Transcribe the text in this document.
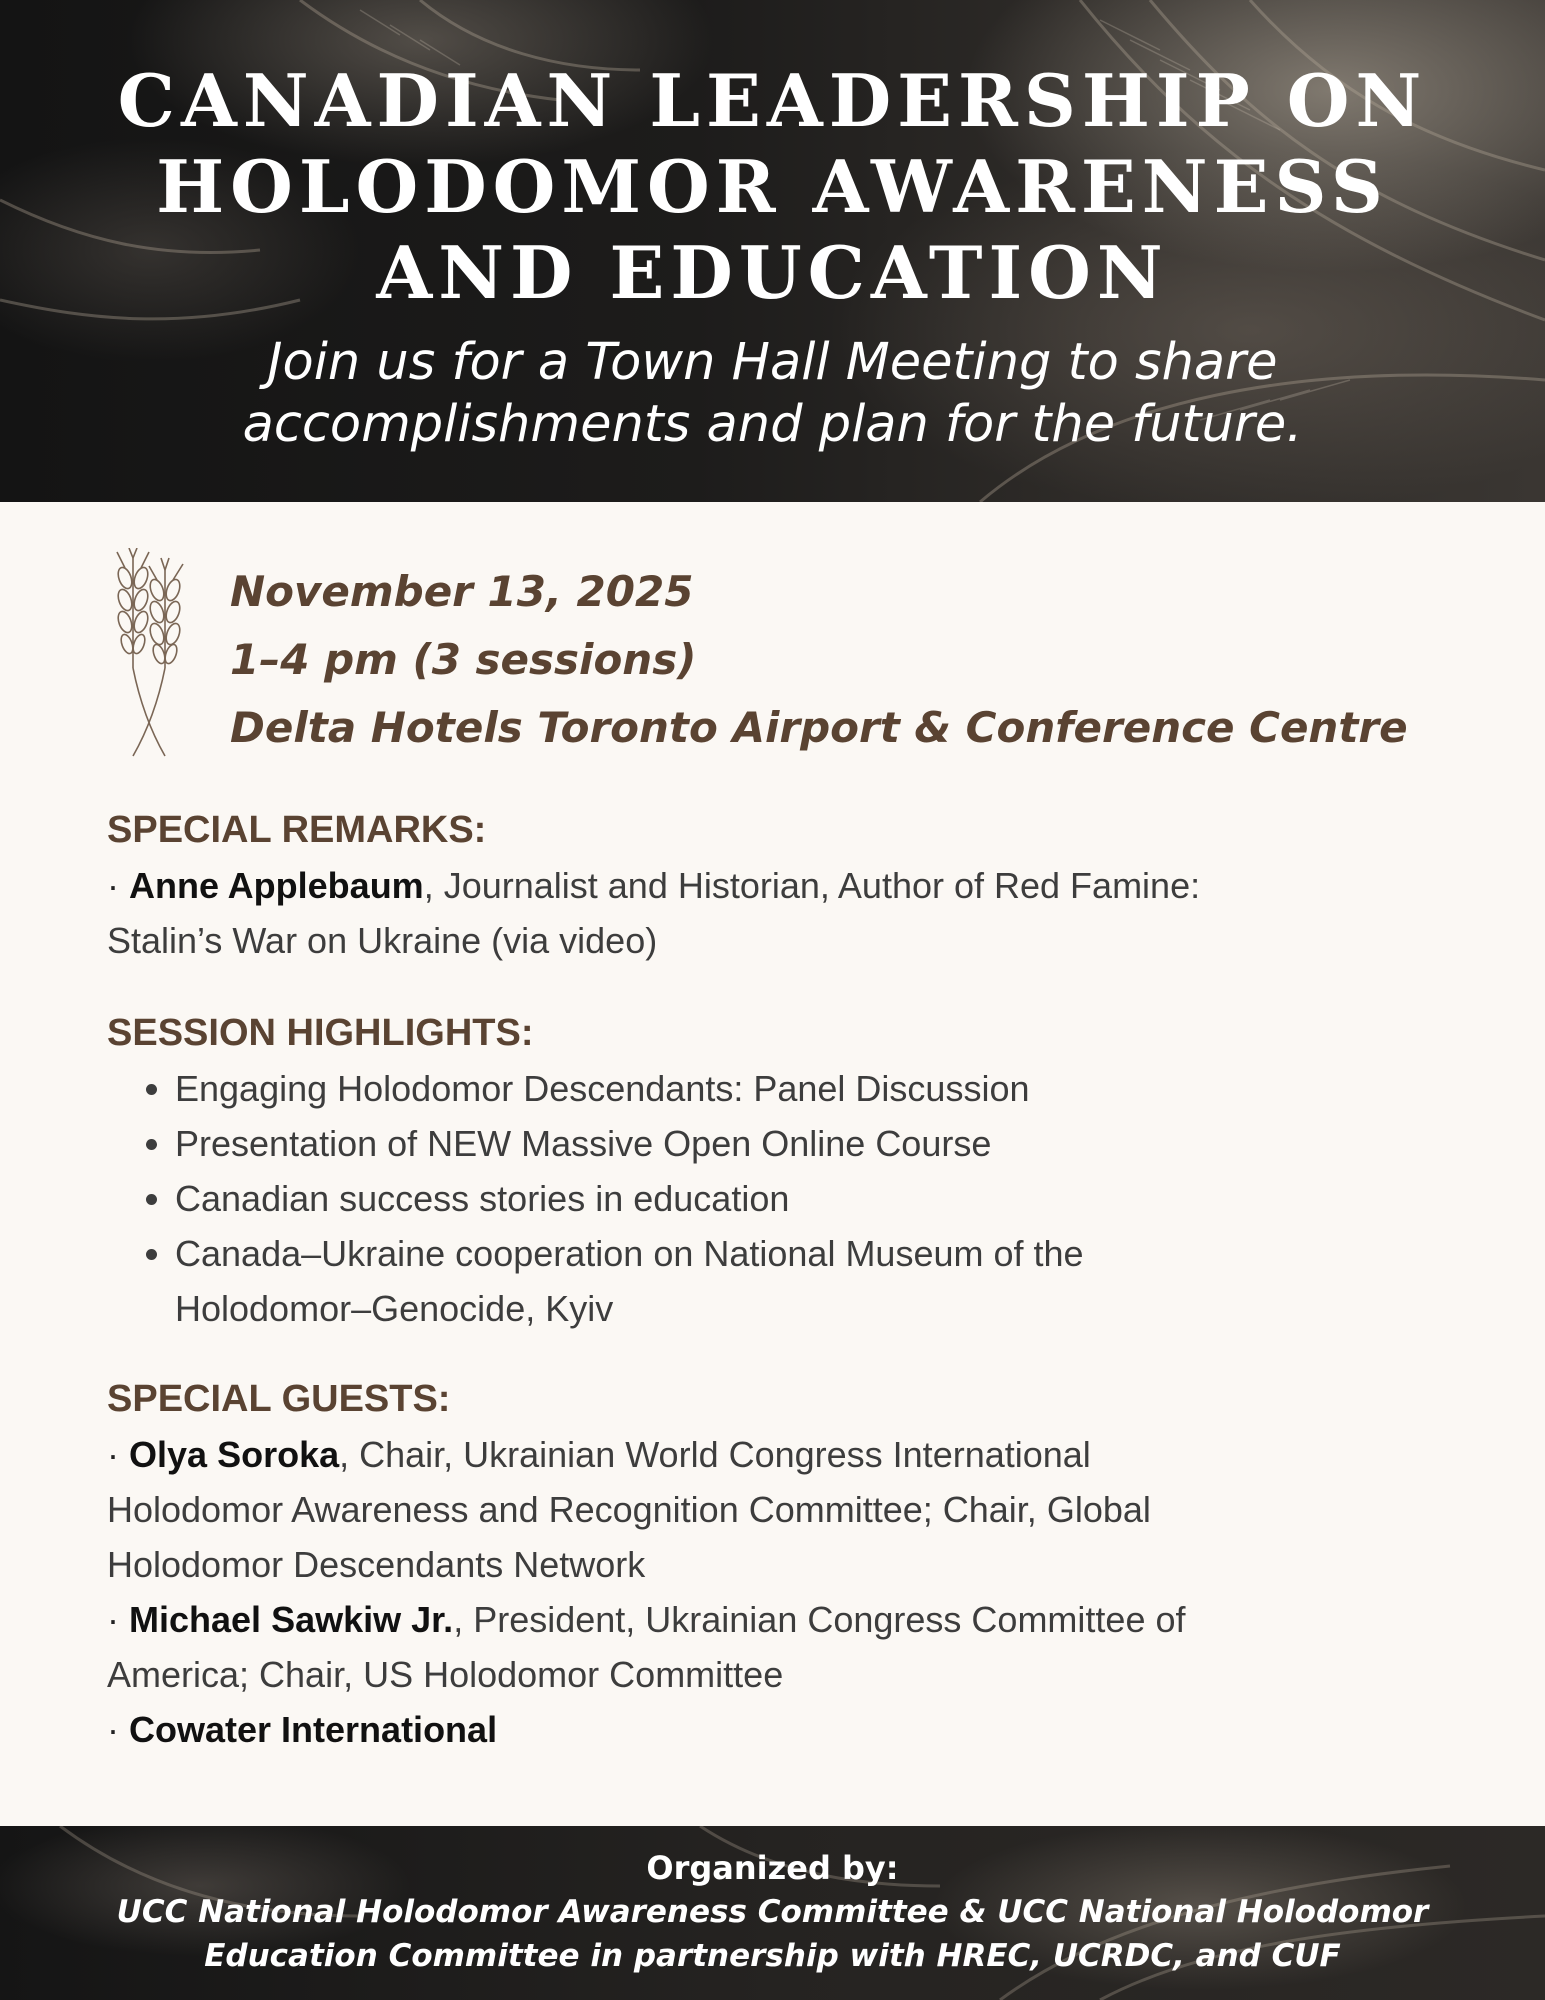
CANADIAN LEADERSHIP ON
HOLODOMOR AWARENESS
AND EDUCATION

Join us for a Town Hall Meeting to share
accomplishments and plan for the future.

November 13, 2025
1–4 pm (3 sessions)
Delta Hotels Toronto Airport & Conference Centre
SPECIAL REMARKS:
· Anne Applebaum, Journalist and Historian, Author of Red Famine:
Stalin’s War on Ukraine (via video)
SESSION HIGHLIGHTS:
• Engaging Holodomor Descendants: Panel Discussion
• Presentation of NEW Massive Open Online Course
• Canadian success stories in education
• Canada–Ukraine cooperation on National Museum of the
Holodomor–Genocide, Kyiv
SPECIAL GUESTS:
· Olya Soroka, Chair, Ukrainian World Congress International
Holodomor Awareness and Recognition Committee; Chair, Global
Holodomor Descendants Network
· Michael Sawkiw Jr., President, Ukrainian Congress Committee of
America; Chair, US Holodomor Committee
· Cowater International
Organized by:
UCC National Holodomor Awareness Committee & UCC National Holodomor
Education Committee in partnership with HREC, UCRDC, and CUF
